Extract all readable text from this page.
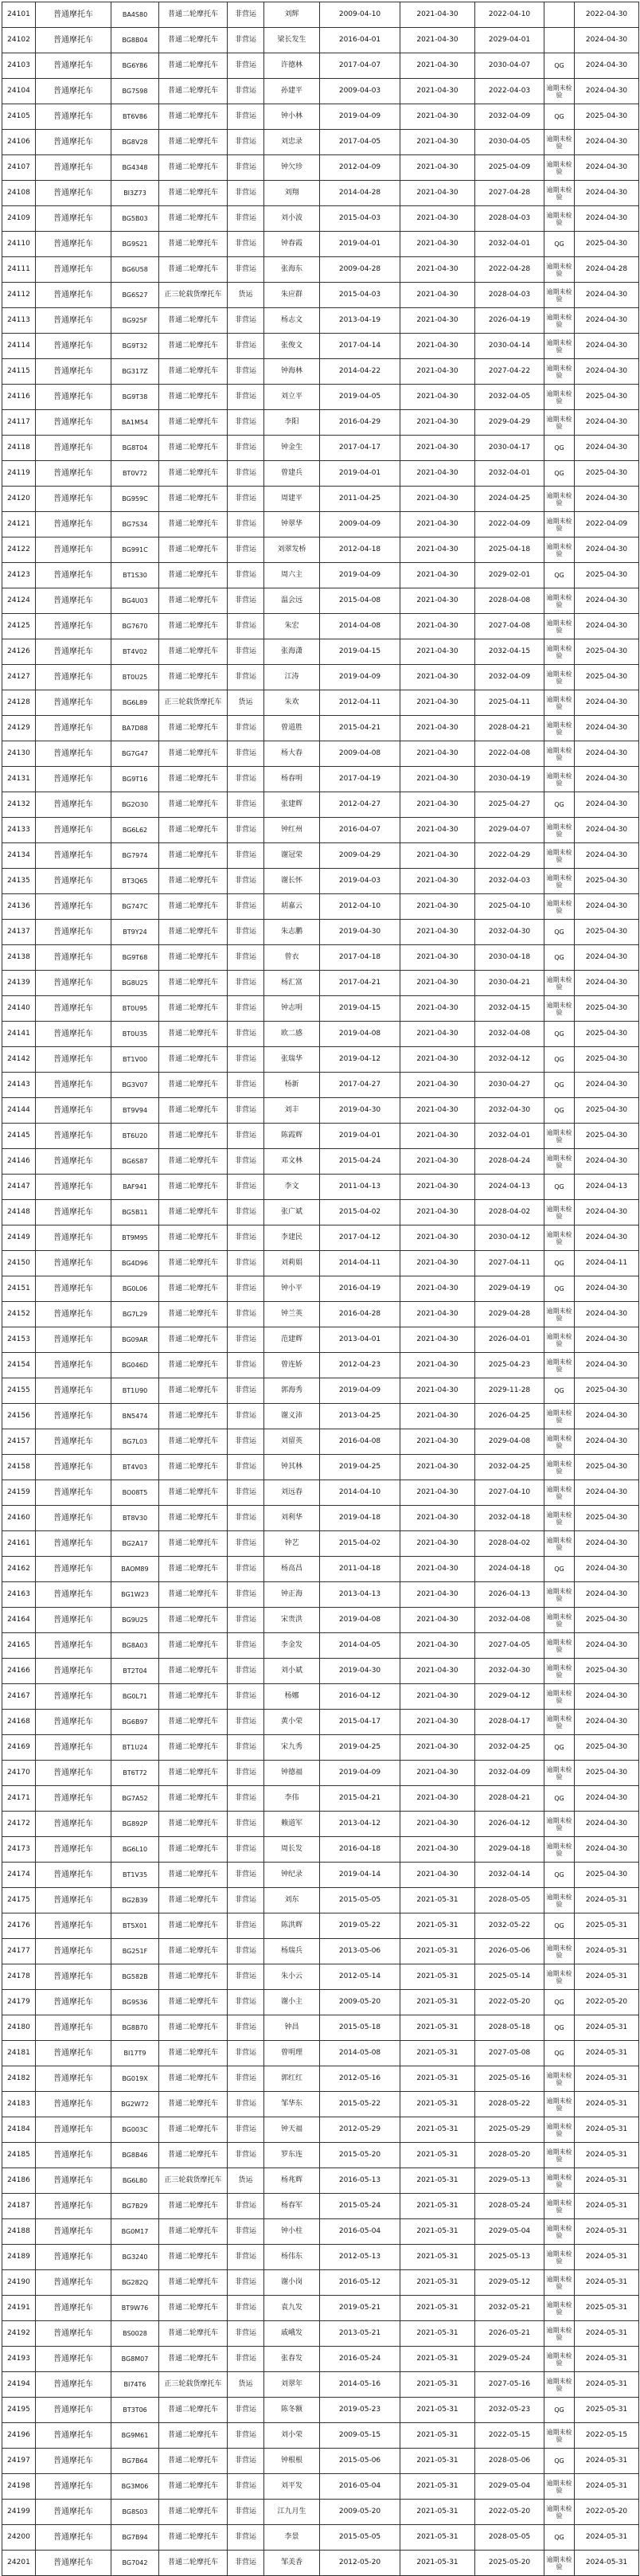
24101	普通摩托车	BA4S80	普通二轮摩托车	非营运	刘辉	2009-04-10	2021-04-30	2022-04-10		2022-04-30
24102	普通摩托车	BG8B04	普通二轮摩托车	非营运	梁长发生	2016-04-01	2021-04-30	2029-04-01		2024-04-30
24103	普通摩托车	BG6Y86	普通二轮摩托车	非营运	许德林	2017-04-07	2021-04-30	2030-04-07	QG	2024-04-30
24104	普通摩托车	BG7S98	普通二轮摩托车	非营运	孙建平	2009-04-03	2021-04-30	2022-04-03	逾期未检验	2024-04-30
24105	普通摩托车	BT6V86	普通二轮摩托车	非营运	钟小林	2019-04-09	2021-04-30	2032-04-09	QG	2025-04-30
24106	普通摩托车	BG8V28	普通二轮摩托车	非营运	刘忠录	2017-04-05	2021-04-30	2030-04-05	逾期未检验	2024-04-30
24107	普通摩托车	BG4348	普通二轮摩托车	非营运	钟欠珍	2012-04-09	2021-04-30	2025-04-09	逾期未检验	2024-04-30
24108	普通摩托车	BI3Z73	普通二轮摩托车	非营运	刘翔	2014-04-28	2021-04-30	2027-04-28	逾期未检验	2024-04-30
24109	普通摩托车	BG5B03	普通二轮摩托车	非营运	刘小波	2015-04-03	2021-04-30	2028-04-03	逾期未检验	2024-04-30
24110	普通摩托车	BG9S21	普通二轮摩托车	非营运	钟春霞	2019-04-01	2021-04-30	2032-04-01	QG	2025-04-30
24111	普通摩托车	BG6U58	普通二轮摩托车	非营运	张海东	2009-04-28	2021-04-30	2022-04-28	逾期未检验	2024-04-28
24112	普通摩托车	BG6S27	正三轮载货摩托车	货运	朱应群	2015-04-03	2021-04-30	2028-04-03	逾期未检验	2024-04-30
24113	普通摩托车	BG925F	普通二轮摩托车	非营运	杨志文	2013-04-19	2021-04-30	2026-04-19	逾期未检验	2024-04-30
24114	普通摩托车	BG9T32	普通二轮摩托车	非营运	张俊文	2017-04-14	2021-04-30	2030-04-14	逾期未检验	2024-04-30
24115	普通摩托车	BG317Z	普通二轮摩托车	非营运	钟海林	2014-04-22	2021-04-30	2027-04-22	逾期未检验	2024-04-30
24116	普通摩托车	BG9T38	普通二轮摩托车	非营运	刘立平	2019-04-05	2021-04-30	2032-04-05	逾期未检验	2025-04-30
24117	普通摩托车	BA1M54	普通二轮摩托车	非营运	李阳	2016-04-29	2021-04-30	2029-04-29	逾期未检验	2024-04-30
24118	普通摩托车	BG8T04	普通二轮摩托车	非营运	钟金生	2017-04-17	2021-04-30	2030-04-17	QG	2024-04-30
24119	普通摩托车	BT0V72	普通二轮摩托车	非营运	曾建兵	2019-04-01	2021-04-30	2032-04-01	QG	2025-04-30
24120	普通摩托车	BG959C	普通二轮摩托车	非营运	周建平	2011-04-25	2021-04-30	2024-04-25	逾期未检验	2024-04-30
24121	普通摩托车	BG7S34	普通二轮摩托车	非营运	钟翠华	2009-04-09	2021-04-30	2022-04-09	逾期未检验	2022-04-09
24122	普通摩托车	BG991C	普通二轮摩托车	非营运	刘翠发桥	2012-04-18	2021-04-30	2025-04-18	逾期未检验	2024-04-30
24123	普通摩托车	BT1S30	普通二轮摩托车	非营运	周六主	2019-04-09	2021-04-30	2029-02-01	QG	2025-04-30
24124	普通摩托车	BG4U03	普通二轮摩托车	非营运	温会远	2015-04-08	2021-04-30	2028-04-08	逾期未检验	2024-04-30
24125	普通摩托车	BG7670	普通二轮摩托车	非营运	朱宏	2014-04-08	2021-04-30	2027-04-08	逾期未检验	2024-04-30
24126	普通摩托车	BT4V02	普通二轮摩托车	非营运	张海潇	2019-04-15	2021-04-30	2032-04-15	逾期未检验	2025-04-30
24127	普通摩托车	BT0U25	普通二轮摩托车	非营运	江涛	2019-04-09	2021-04-30	2032-04-09	逾期未检验	2025-04-30
24128	普通摩托车	BG6L89	正三轮载货摩托车	货运	朱欢	2012-04-11	2021-04-30	2025-04-11	逾期未检验	2024-04-30
24129	普通摩托车	BA7D88	普通二轮摩托车	非营运	曾道胜	2015-04-21	2021-04-30	2028-04-21	逾期未检验	2024-04-30
24130	普通摩托车	BG7G47	普通二轮摩托车	非营运	杨大春	2009-04-08	2021-04-30	2022-04-08	逾期未检验	2024-04-30
24131	普通摩托车	BG9T16	普通二轮摩托车	非营运	杨春明	2017-04-19	2021-04-30	2030-04-19	逾期未检验	2024-04-30
24132	普通摩托车	BG2O30	普通二轮摩托车	非营运	张建辉	2012-04-27	2021-04-30	2025-04-27	QG	2024-04-30
24133	普通摩托车	BG6L62	普通二轮摩托车	非营运	钟红州	2016-04-07	2021-04-30	2029-04-07	逾期未检验	2024-04-30
24134	普通摩托车	BG7974	普通二轮摩托车	非营运	谢冠荣	2009-04-29	2021-04-30	2022-04-29	逾期未检验	2024-04-30
24135	普通摩托车	BT3Q65	普通二轮摩托车	非营运	谢长怀	2019-04-03	2021-04-30	2032-04-03	逾期未检验	2025-04-30
24136	普通摩托车	BG747C	普通二轮摩托车	非营运	胡嘉云	2012-04-10	2021-04-30	2025-04-10	逾期未检验	2024-04-30
24137	普通摩托车	BT9Y24	普通二轮摩托车	非营运	朱志鹏	2019-04-30	2021-04-30	2032-04-30	QG	2025-04-30
24138	普通摩托车	BG9T68	普通二轮摩托车	非营运	曾衣	2017-04-18	2021-04-30	2030-04-18	QG	2024-04-30
24139	普通摩托车	BG8U25	普通二轮摩托车	非营运	杨汇富	2017-04-21	2021-04-30	2030-04-21	逾期未检验	2024-04-30
24140	普通摩托车	BT0U95	普通二轮摩托车	非营运	钟志明	2019-04-15	2021-04-30	2032-04-15	逾期未检验	2025-04-30
24141	普通摩托车	BT0U35	普通二轮摩托车	非营运	欧二感	2019-04-08	2021-04-30	2032-04-08	QG	2025-04-30
24142	普通摩托车	BT1V00	普通二轮摩托车	非营运	张瑞华	2019-04-12	2021-04-30	2032-04-12	QG	2025-04-30
24143	普通摩托车	BG3V07	普通二轮摩托车	非营运	杨新	2017-04-27	2021-04-30	2030-04-27	QG	2024-04-30
24144	普通摩托车	BT9V94	普通二轮摩托车	非营运	刘丰	2019-04-30	2021-04-30	2032-04-30	QG	2025-04-30
24145	普通摩托车	BT6U20	普通二轮摩托车	非营运	陈霞辉	2019-04-01	2021-04-30	2032-04-01	逾期未检验	2025-04-30
24146	普通摩托车	BG6S87	普通二轮摩托车	非营运	邓文林	2015-04-24	2021-04-30	2028-04-24	逾期未检验	2024-04-30
24147	普通摩托车	BAF941	普通二轮摩托车	非营运	李文	2011-04-13	2021-04-30	2024-04-13	QG	2024-04-13
24148	普通摩托车	BG5B11	普通二轮摩托车	非营运	张广斌	2015-04-02	2021-04-30	2028-04-02	逾期未检验	2024-04-30
24149	普通摩托车	BT9M95	普通二轮摩托车	非营运	李建民	2017-04-12	2021-04-30	2030-04-12	逾期未检验	2024-04-30
24150	普通摩托车	BG4D96	普通二轮摩托车	非营运	刘莉娟	2014-04-11	2021-04-30	2027-04-11	QG	2024-04-11
24151	普通摩托车	BG0L06	普通二轮摩托车	非营运	钟小平	2016-04-19	2021-04-30	2029-04-19	QG	2024-04-30
24152	普通摩托车	BG7L29	普通二轮摩托车	非营运	钟兰英	2016-04-28	2021-04-30	2029-04-28	逾期未检验	2024-04-30
24153	普通摩托车	BG09AR	普通二轮摩托车	非营运	范建辉	2013-04-01	2021-04-30	2026-04-01	逾期未检验	2024-04-30
24154	普通摩托车	BG046D	普通二轮摩托车	非营运	曾连娇	2012-04-23	2021-04-30	2025-04-23	逾期未检验	2024-04-30
24155	普通摩托车	BT1U90	普通二轮摩托车	非营运	郭海秀	2019-04-09	2021-04-30	2029-11-28	QG	2025-04-30
24156	普通摩托车	BN5474	普通二轮摩托车	非营运	谢义沛	2013-04-25	2021-04-30	2026-04-25	逾期未检验	2024-04-30
24157	普通摩托车	BG7L03	普通二轮摩托车	非营运	刘留英	2016-04-08	2021-04-30	2029-04-08	逾期未检验	2024-04-30
24158	普通摩托车	BT4V03	普通二轮摩托车	非营运	钟其林	2019-04-25	2021-04-30	2032-04-25	逾期未检验	2025-04-30
24159	普通摩托车	BO08T5	普通二轮摩托车	非营运	刘远春	2014-04-10	2021-04-30	2027-04-10	逾期未检验	2024-04-30
24160	普通摩托车	BT8V30	普通二轮摩托车	非营运	刘利华	2019-04-18	2021-04-30	2032-04-18	逾期未检验	2025-04-30
24161	普通摩托车	BG2A17	普通二轮摩托车	非营运	钟艺	2015-04-02	2021-04-30	2028-04-02	逾期未检验	2024-04-30
24162	普通摩托车	BAOM89	普通二轮摩托车	非营运	杨高昌	2011-04-18	2021-04-30	2024-04-18	QG	2024-04-30
24163	普通摩托车	BG1W23	普通二轮摩托车	非营运	钟正海	2013-04-13	2021-04-30	2026-04-13	逾期未检验	2024-04-30
24164	普通摩托车	BG9U25	普通二轮摩托车	非营运	宋贵洪	2019-04-08	2021-04-30	2032-04-08	逾期未检验	2025-04-30
24165	普通摩托车	BG8A03	普通二轮摩托车	非营运	李金发	2014-04-05	2021-04-30	2027-04-05	逾期未检验	2024-04-30
24166	普通摩托车	BT2T04	普通二轮摩托车	非营运	刘小斌	2019-04-30	2021-04-30	2032-04-30	逾期未检验	2025-04-30
24167	普通摩托车	BG0L71	普通二轮摩托车	非营运	杨娜	2016-04-12	2021-04-30	2029-04-12	逾期未检验	2024-04-30
24168	普通摩托车	BG6B97	普通二轮摩托车	非营运	黄小荣	2015-04-17	2021-04-30	2028-04-17	逾期未检验	2024-04-30
24169	普通摩托车	BT1U24	普通二轮摩托车	非营运	宋九秀	2019-04-25	2021-04-30	2032-04-25	QG	2025-04-30
24170	普通摩托车	BT6T72	普通二轮摩托车	非营运	钟德福	2019-04-09	2021-04-30	2032-04-09	逾期未检验	2025-04-30
24171	普通摩托车	BG7A52	普通二轮摩托车	非营运	李伟	2015-04-21	2021-04-30	2028-04-21	QG	2024-04-30
24172	普通摩托车	BG892P	普通二轮摩托车	非营运	赖道军	2013-04-12	2021-04-30	2026-04-12	逾期未检验	2024-04-30
24173	普通摩托车	BG6L10	普通二轮摩托车	非营运	周长发	2016-04-18	2021-04-30	2029-04-18	逾期未检验	2024-04-30
24174	普通摩托车	BT1V35	普通二轮摩托车	非营运	钟纪录	2019-04-14	2021-04-30	2032-04-14	QG	2025-04-30
24175	普通摩托车	BG2B39	普通二轮摩托车	非营运	刘东	2015-05-05	2021-05-31	2028-05-05	逾期未检验	2024-05-31
24176	普通摩托车	BT5X01	普通二轮摩托车	非营运	陈洪辉	2019-05-22	2021-05-31	2032-05-22	QG	2025-05-31
24177	普通摩托车	BG251F	普通二轮摩托车	非营运	杨瑞兵	2013-05-06	2021-05-31	2026-05-06	逾期未检验	2024-05-31
24178	普通摩托车	BG582B	普通二轮摩托车	非营运	朱小云	2012-05-14	2021-05-31	2025-05-14	逾期未检验	2024-05-31
24179	普通摩托车	BG9S36	普通二轮摩托车	非营运	谢小主	2009-05-20	2021-05-31	2022-05-20	QG	2022-05-20
24180	普通摩托车	BG8B70	普通二轮摩托车	非营运	钟昌	2015-05-18	2021-05-31	2028-05-18	QG	2024-05-31
24181	普通摩托车	BI17T9	普通二轮摩托车	非营运	曾明理	2014-05-08	2021-05-31	2027-05-08	QG	2024-05-31
24182	普通摩托车	BG019X	普通二轮摩托车	非营运	郭红红	2012-05-16	2021-05-31	2025-05-16	逾期未检验	2024-05-31
24183	普通摩托车	BG2W72	普通二轮摩托车	非营运	邹华东	2015-05-22	2021-05-31	2028-05-22	逾期未检验	2024-05-31
24184	普通摩托车	BG003C	普通二轮摩托车	非营运	钟天福	2012-05-29	2021-05-31	2025-05-29	逾期未检验	2024-05-31
24185	普通摩托车	BG8B46	普通二轮摩托车	非营运	罗东连	2015-05-20	2021-05-31	2028-05-20	逾期未检验	2024-05-31
24186	普通摩托车	BG6L80	正三轮载货摩托车	货运	杨兆辉	2016-05-13	2021-05-31	2029-05-13	逾期未检验	2024-05-31
24187	普通摩托车	BG7B29	普通二轮摩托车	非营运	杨春军	2015-05-24	2021-05-31	2028-05-24	逾期未检验	2024-05-31
24188	普通摩托车	BG0M17	普通二轮摩托车	非营运	钟小柱	2016-05-04	2021-05-31	2029-05-04	逾期未检验	2024-05-31
24189	普通摩托车	BG3240	普通二轮摩托车	非营运	杨伟东	2012-05-13	2021-05-31	2025-05-13	逾期未检验	2024-05-31
24190	普通摩托车	BG282Q	普通二轮摩托车	非营运	谢小岗	2016-05-12	2021-05-31	2029-05-12	逾期未检验	2024-05-31
24191	普通摩托车	BT9W76	普通二轮摩托车	非营运	袁九发	2019-05-21	2021-05-31	2032-05-21	逾期未检验	2025-05-31
24192	普通摩托车	BS0028	普通二轮摩托车	非营运	戚峨发	2013-05-21	2021-05-31	2026-05-21	逾期未检验	2024-05-31
24193	普通摩托车	BG8M07	普通二轮摩托车	非营运	张春发	2016-05-24	2021-05-31	2029-05-24	逾期未检验	2024-05-31
24194	普通摩托车	BI74T6	正三轮载货摩托车	货运	刘翠年	2014-05-16	2021-05-31	2027-05-16	逾期未检验	2024-05-31
24195	普通摩托车	BT3T06	普通二轮摩托车	非营运	陈冬额	2019-05-23	2021-05-31	2032-05-23	QG	2025-05-31
24196	普通摩托车	BG9M61	普通二轮摩托车	非营运	刘小荣	2009-05-15	2021-05-31	2022-05-15	逾期未检验	2022-05-15
24197	普通摩托车	BG7B64	普通二轮摩托车	非营运	钟根根	2015-05-06	2021-05-31	2028-05-06	QG	2024-05-31
24198	普通摩托车	BG3M06	普通二轮摩托车	非营运	刘平发	2016-05-04	2021-05-31	2029-05-04	逾期未检验	2024-05-31
24199	普通摩托车	BG8S03	普通二轮摩托车	非营运	江九月生	2009-05-20	2021-05-31	2022-05-20	逾期未检验	2022-05-20
24200	普通摩托车	BG7B94	普通二轮摩托车	非营运	李景	2015-05-05	2021-05-31	2028-05-05	QG	2024-05-31
24201	普通摩托车	BG7042	普通二轮摩托车	非营运	邹美香	2012-05-20	2021-05-31	2025-05-20	逾期未检验	2024-05-31
